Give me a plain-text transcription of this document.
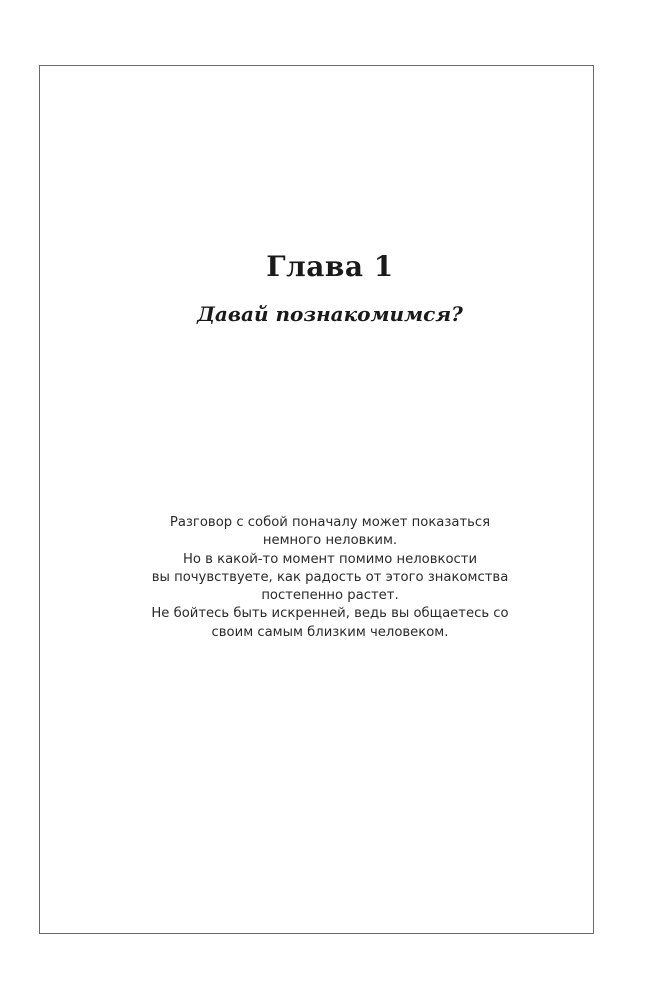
Глава 1
Давай познакомимся?
Разговор с собой поначалу может показаться
немного неловким.
Но в какой-то момент помимо неловкости
вы почувствуете, как радость от этого знакомства
постепенно растет.
Не бойтесь быть искренней, ведь вы общаетесь со
своим самым близким человеком.
